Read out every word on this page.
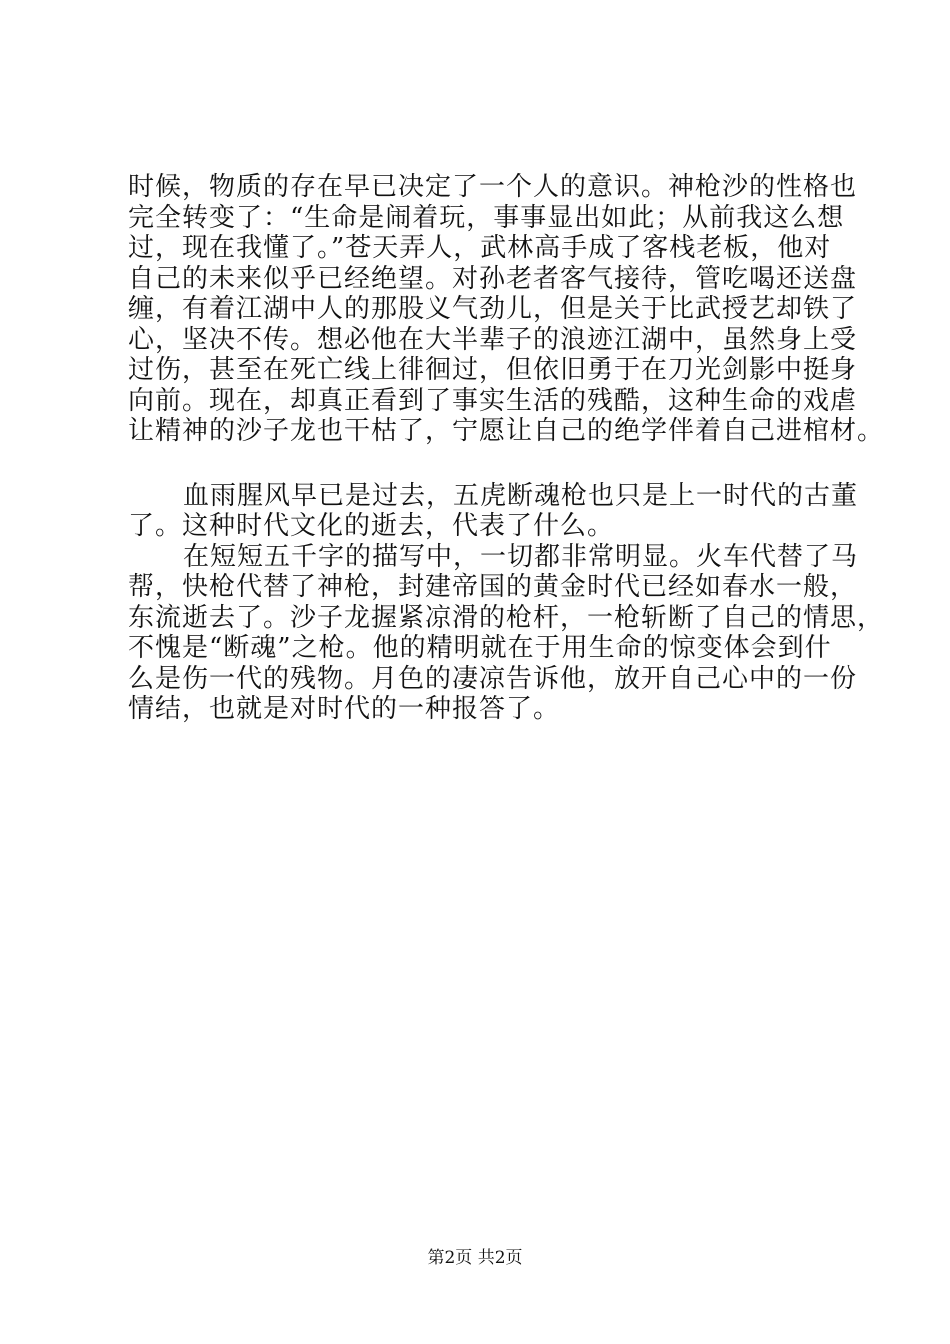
时候，物质的存在早已决定了一个人的意识。神枪沙的性格也
完全转变了：“生命是闹着玩，事事显出如此；从前我这么想
过，现在我懂了。”苍天弄人，武林高手成了客栈老板，他对
自己的未来似乎已经绝望。对孙老者客气接待，管吃喝还送盘
缠，有着江湖中人的那股义气劲儿，但是关于比武授艺却铁了
心，坚决不传。想必他在大半辈子的浪迹江湖中，虽然身上受
过伤，甚至在死亡线上徘徊过，但依旧勇于在刀光剑影中挺身
向前。现在，却真正看到了事实生活的残酷，这种生命的戏虐
让精神的沙子龙也干枯了，宁愿让自己的绝学伴着自己进棺材。
血雨腥风早已是过去，五虎断魂枪也只是上一时代的古董
了。这种时代文化的逝去，代表了什么。
在短短五千字的描写中，一切都非常明显。火车代替了马
帮，快枪代替了神枪，封建帝国的黄金时代已经如春水一般，
东流逝去了。沙子龙握紧凉滑的枪杆，一枪斩断了自己的情思，
不愧是“断魂”之枪。他的精明就在于用生命的惊变体会到什
么是伤一代的残物。月色的凄凉告诉他，放开自己心中的一份
情结，也就是对时代的一种报答了。
第2页 共2页
